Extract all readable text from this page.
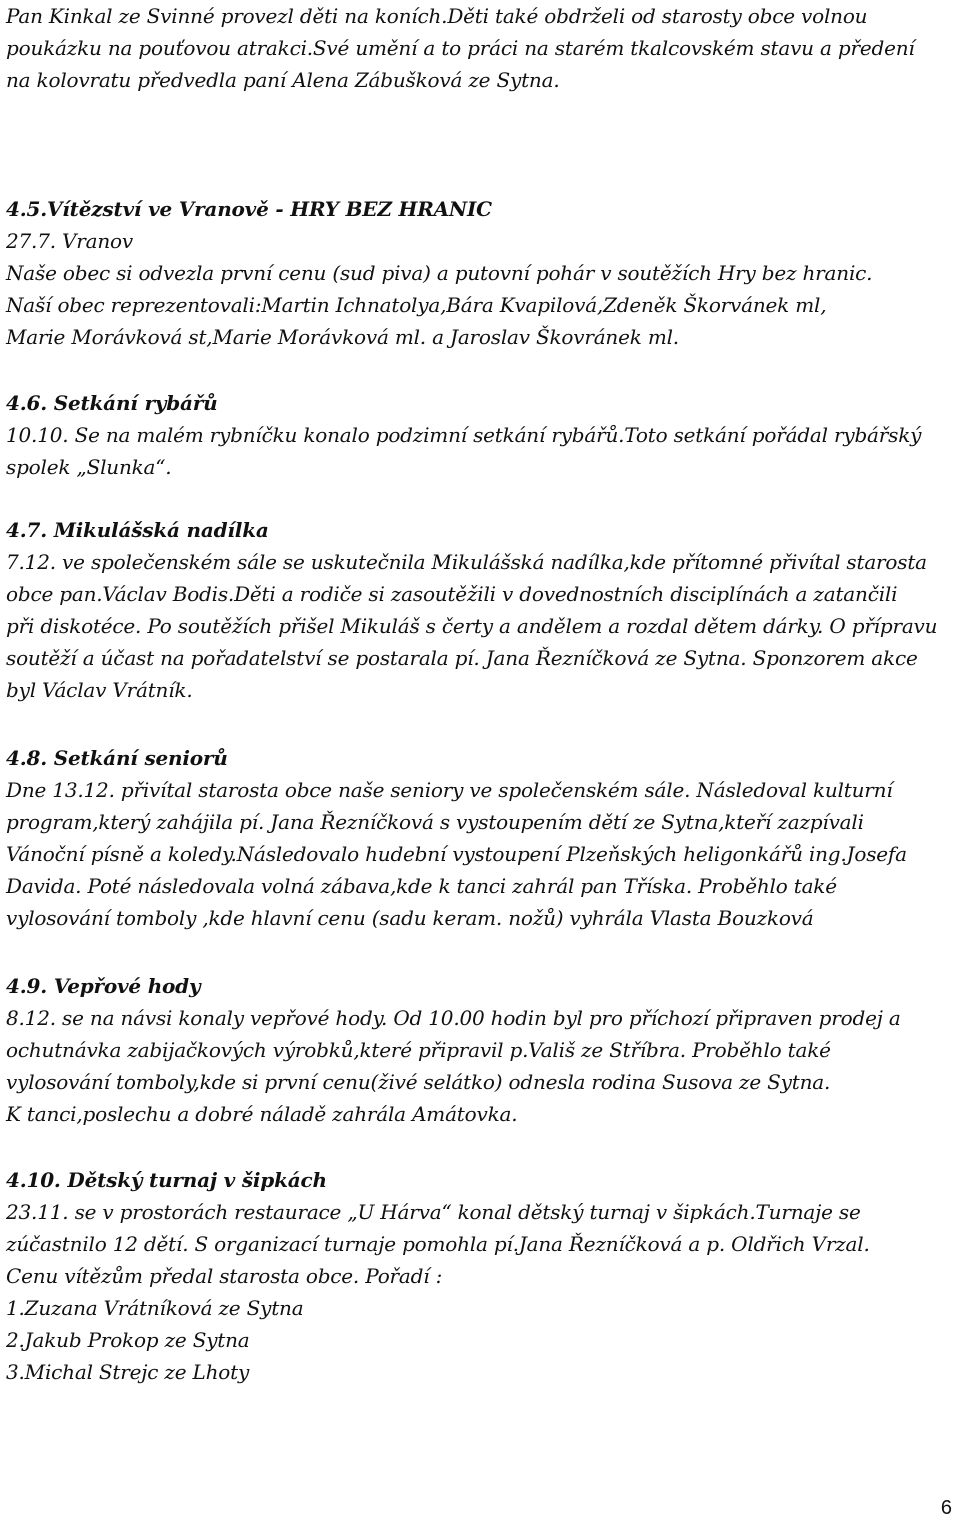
Pan Kinkal ze Svinné provezl děti na koních.Děti také obdrželi od starosty obce volnou
poukázku na pouťovou atrakci.Své umění a to práci na starém tkalcovském stavu a předení
na kolovratu předvedla paní Alena Zábušková ze Sytna.
4.5.Vítězství ve Vranově - HRY BEZ HRANIC
27.7. Vranov
Naše obec si odvezla první cenu (sud piva) a putovní pohár v soutěžích Hry bez hranic.
Naší obec reprezentovali:Martin Ichnatolya,Bára Kvapilová,Zdeněk Škorvánek ml,
Marie Morávková st,Marie Morávková ml. a Jaroslav Škovránek ml.
4.6. Setkání rybářů
10.10. Se na malém rybníčku konalo podzimní setkání rybářů.Toto setkání pořádal rybářský
spolek „Slunka“.
4.7. Mikulášská nadílka
7.12. ve společenském sále se uskutečnila Mikulášská nadílka,kde přítomné přivítal starosta
obce pan.Václav Bodis.Děti a rodiče si zasoutěžili v dovednostních disciplínách a zatančili
při diskotéce. Po soutěžích přišel Mikuláš s čerty a andělem a rozdal dětem dárky. O přípravu
soutěží a účast na pořadatelství se postarala pí. Jana Řezníčková ze Sytna. Sponzorem akce
byl Václav Vrátník.
4.8. Setkání seniorů
Dne 13.12. přivítal starosta obce naše seniory ve společenském sále. Následoval kulturní
program,který zahájila pí. Jana Řezníčková s vystoupením dětí ze Sytna,kteří zazpívali
Vánoční písně a koledy.Následovalo hudební vystoupení Plzeňských heligonkářů ing.Josefa
Davida. Poté následovala volná zábava,kde k tanci zahrál pan Tříska. Proběhlo také
vylosování tomboly ,kde hlavní cenu (sadu keram. nožů) vyhrála Vlasta Bouzková
4.9. Vepřové hody
8.12. se na návsi konaly vepřové hody. Od 10.00 hodin byl pro příchozí připraven prodej a
ochutnávka zabijačkových výrobků,které připravil p.Vališ ze Stříbra. Proběhlo také
vylosování tomboly,kde si první cenu(živé selátko) odnesla rodina Susova ze Sytna.
K tanci,poslechu a dobré náladě zahrála Amátovka.
4.10. Dětský turnaj v šipkách
23.11. se v prostorách restaurace „U Hárva“ konal dětský turnaj v šipkách.Turnaje se
zúčastnilo 12 dětí. S organizací turnaje pomohla pí.Jana Řezníčková a p. Oldřich Vrzal.
Cenu vítězům předal starosta obce. Pořadí :
1.Zuzana Vrátníková ze Sytna
2.Jakub Prokop ze Sytna
3.Michal Strejc ze Lhoty
6
